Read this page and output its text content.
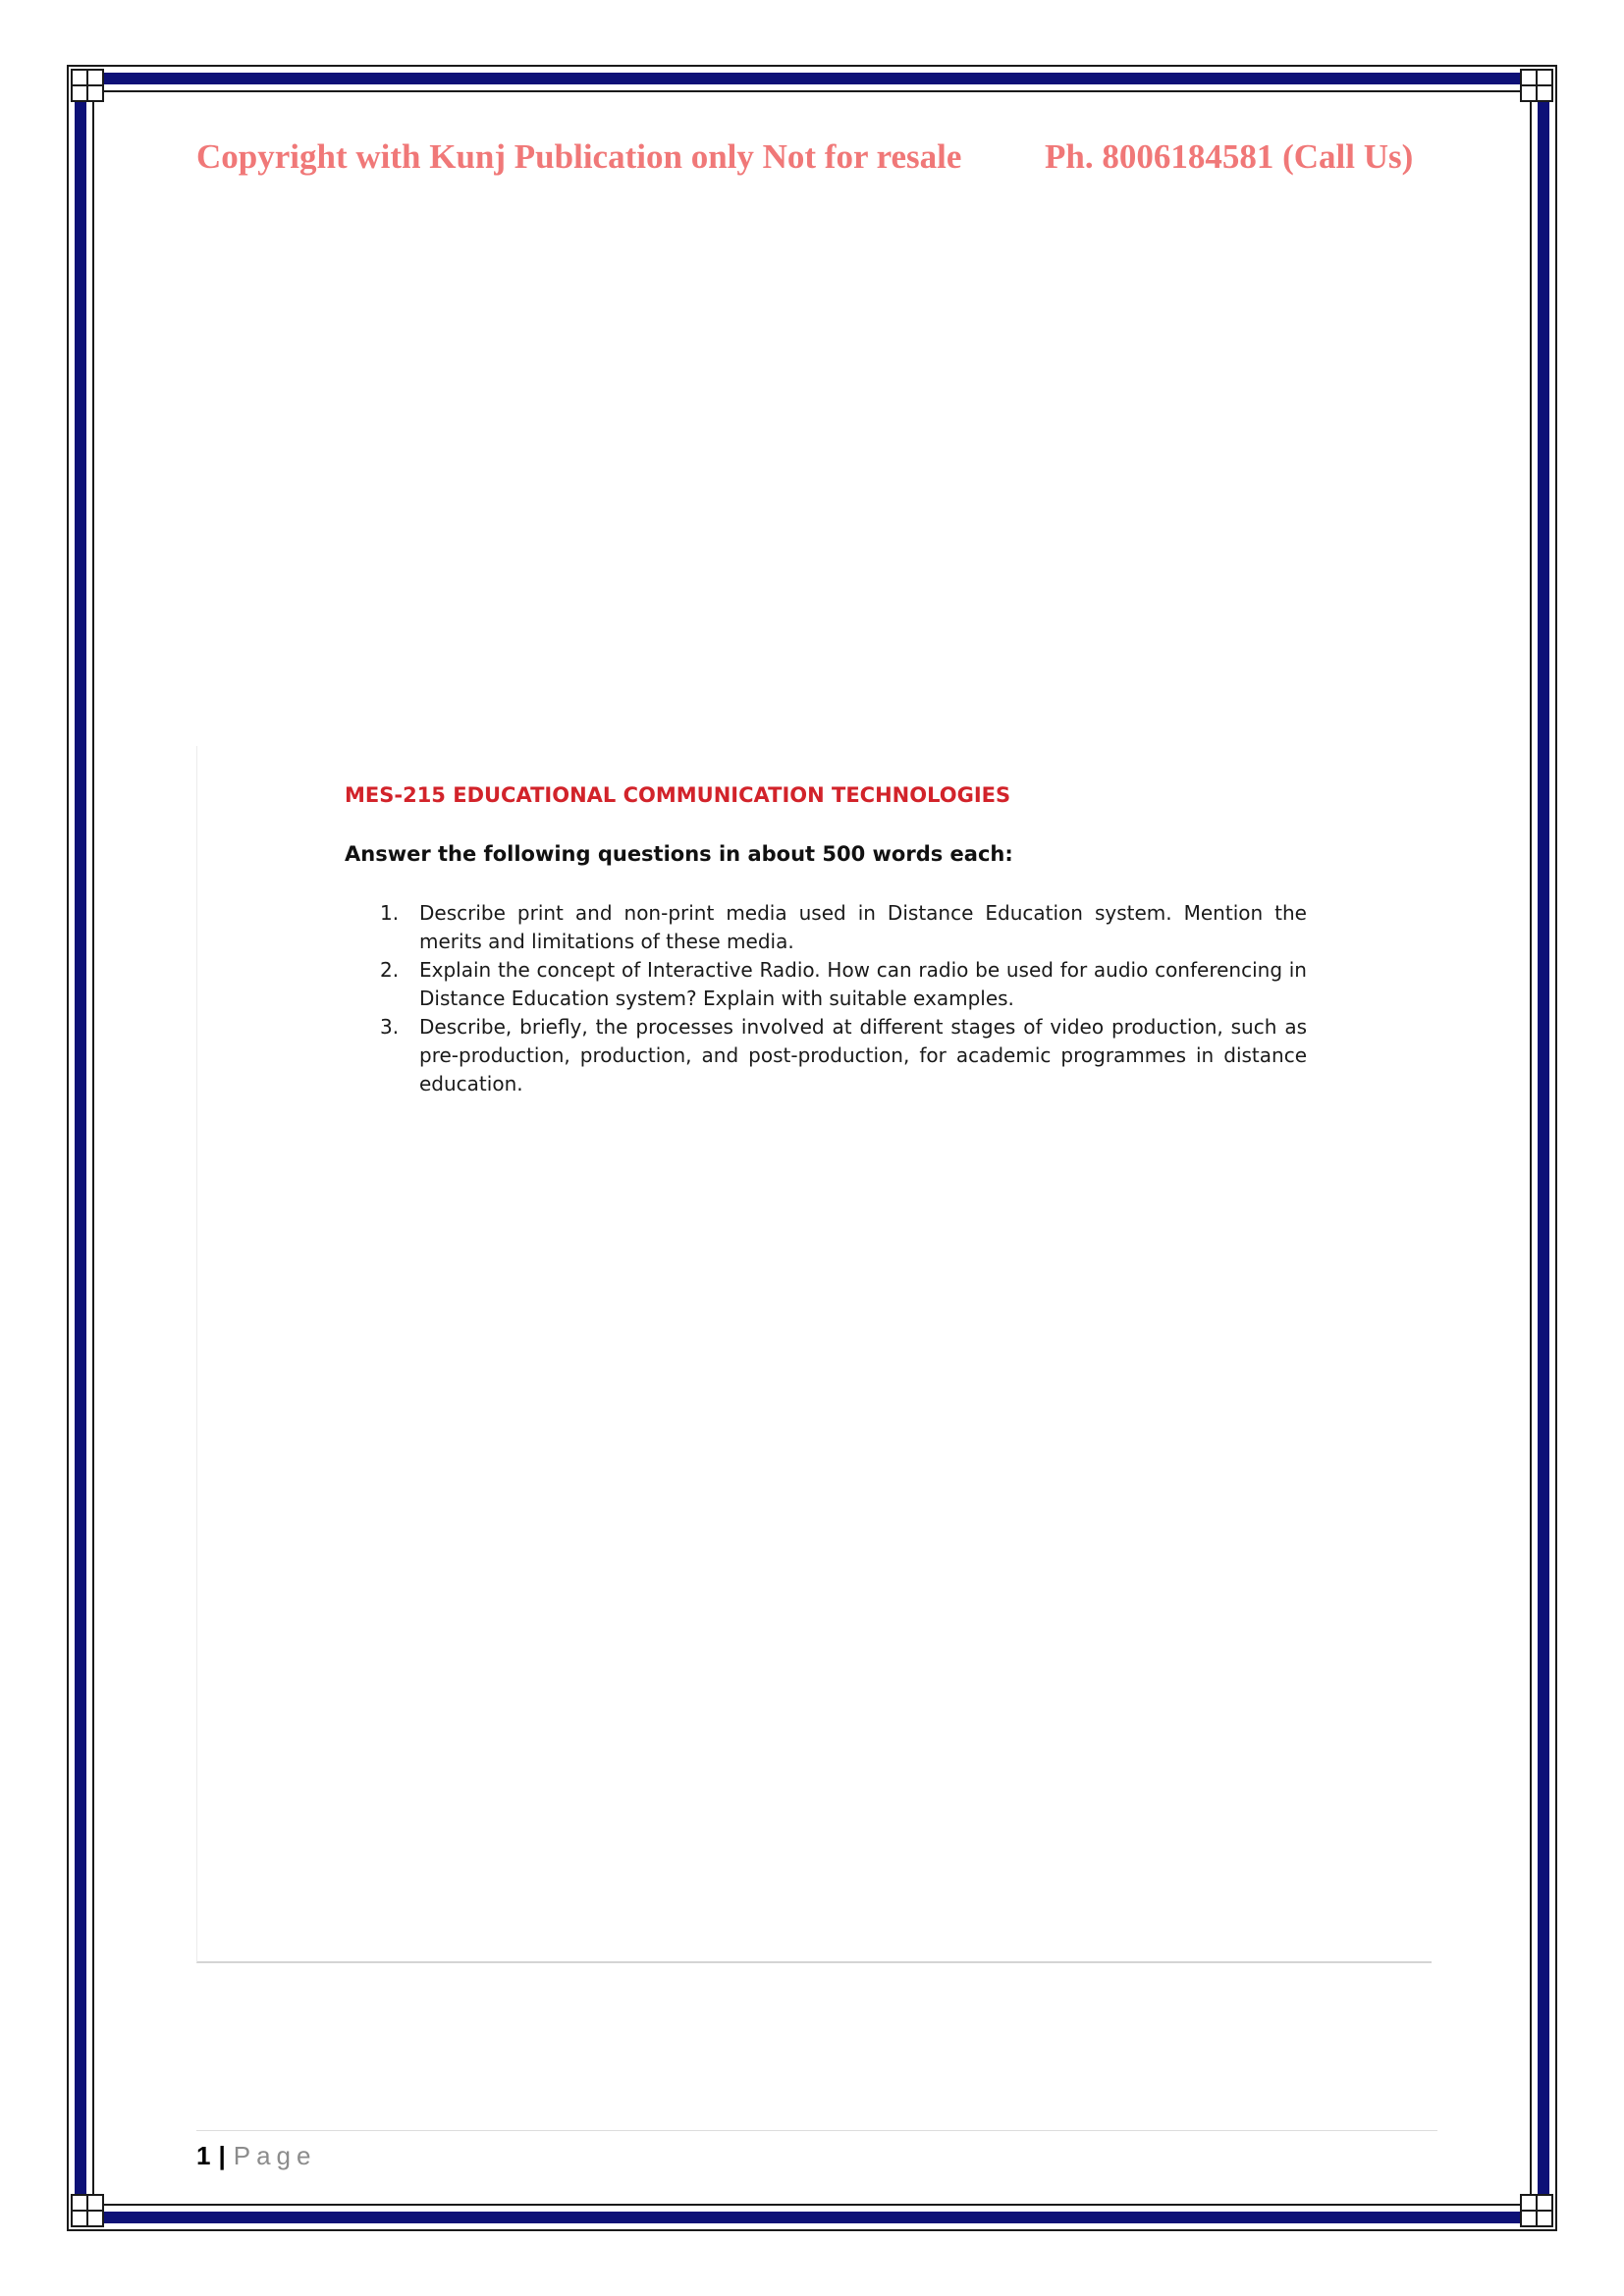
Copyright with Kunj Publication only Not for resale Ph. 8006184581 (Call Us)
MES-215 EDUCATIONAL COMMUNICATION TECHNOLOGIES
Answer the following questions in about 500 words each:
1. Describe print and non-print media used in Distance Education system. Mention the merits and limitations of these media.
2. Explain the concept of Interactive Radio. How can radio be used for audio conferencing in Distance Education system? Explain with suitable examples.
3. Describe, briefly, the processes involved at different stages of video production, such as pre-production, production, and post-production, for academic programmes in distance education.
1 | Page
